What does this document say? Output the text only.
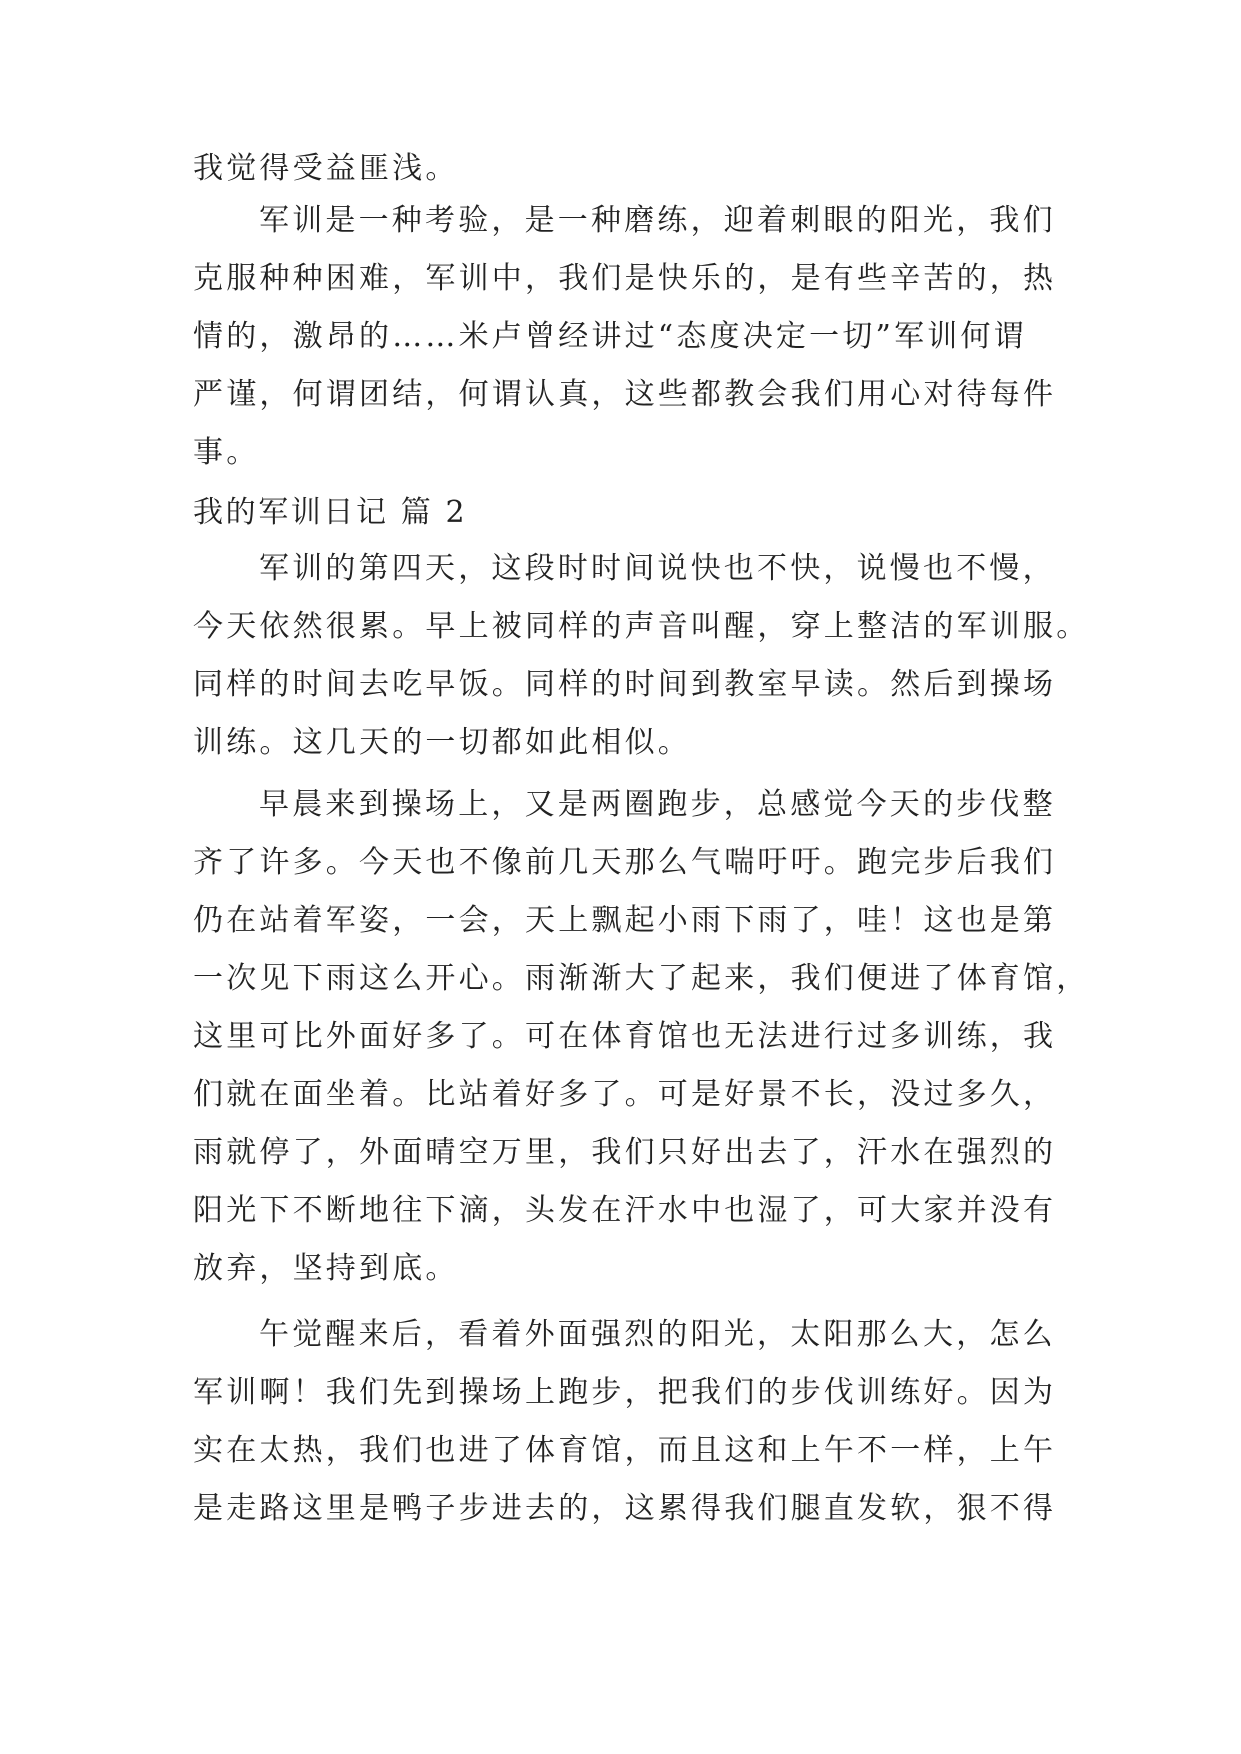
我觉得受益匪浅。
军训是一种考验，是一种磨练，迎着刺眼的阳光，我们
克服种种困难，军训中，我们是快乐的，是有些辛苦的，热
情的，激昂的……米卢曾经讲过“态度决定一切”军训何谓
严谨，何谓团结，何谓认真，这些都教会我们用心对待每件
事。
我的军训日记 篇 2
军训的第四天，这段时时间说快也不快，说慢也不慢，
今天依然很累。早上被同样的声音叫醒，穿上整洁的军训服。
同样的时间去吃早饭。同样的时间到教室早读。然后到操场
训练。这几天的一切都如此相似。
早晨来到操场上，又是两圈跑步，总感觉今天的步伐整
齐了许多。今天也不像前几天那么气喘吁吁。跑完步后我们
仍在站着军姿，一会，天上飘起小雨下雨了，哇！这也是第
一次见下雨这么开心。雨渐渐大了起来，我们便进了体育馆，
这里可比外面好多了。可在体育馆也无法进行过多训练，我
们就在面坐着。比站着好多了。可是好景不长，没过多久，
雨就停了，外面晴空万里，我们只好出去了，汗水在强烈的
阳光下不断地往下滴，头发在汗水中也湿了，可大家并没有
放弃，坚持到底。
午觉醒来后，看着外面强烈的阳光，太阳那么大，怎么
军训啊！我们先到操场上跑步，把我们的步伐训练好。因为
实在太热，我们也进了体育馆，而且这和上午不一样，上午
是走路这里是鸭子步进去的，这累得我们腿直发软，狠不得
